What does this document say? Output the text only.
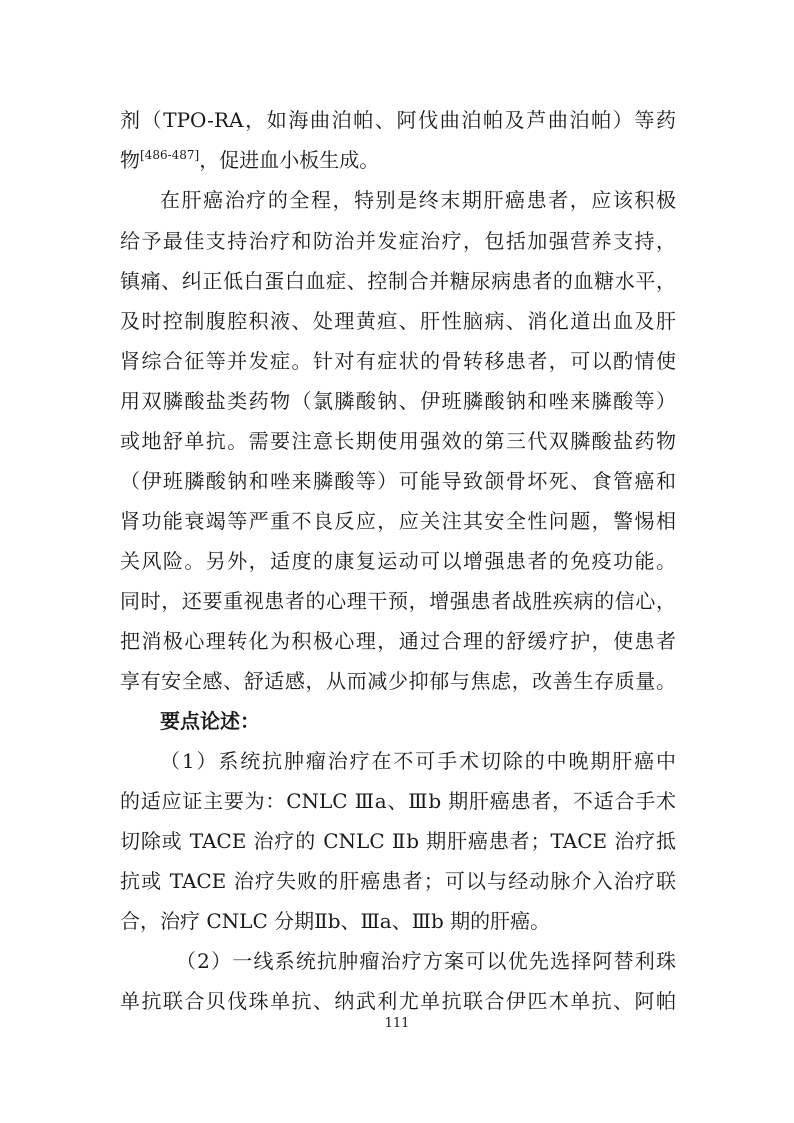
剂（TPO-RA，如海曲泊帕、阿伐曲泊帕及芦曲泊帕）等药
物[486-487]，促进血小板生成。
在肝癌治疗的全程，特别是终末期肝癌患者，应该积极
给予最佳支持治疗和防治并发症治疗，包括加强营养支持，
镇痛、纠正低白蛋白血症、控制合并糖尿病患者的血糖水平，
及时控制腹腔积液、处理黄疸、肝性脑病、消化道出血及肝
肾综合征等并发症。针对有症状的骨转移患者，可以酌情使
用双膦酸盐类药物（氯膦酸钠、伊班膦酸钠和唑来膦酸等）
或地舒单抗。需要注意长期使用强效的第三代双膦酸盐药物
（伊班膦酸钠和唑来膦酸等）可能导致颌骨坏死、食管癌和
肾功能衰竭等严重不良反应，应关注其安全性问题，警惕相
关风险。另外，适度的康复运动可以增强患者的免疫功能。
同时，还要重视患者的心理干预，增强患者战胜疾病的信心，
把消极心理转化为积极心理，通过合理的舒缓疗护，使患者
享有安全感、舒适感，从而减少抑郁与焦虑，改善生存质量。
要点论述：
（1）系统抗肿瘤治疗在不可手术切除的中晚期肝癌中
的适应证主要为：CNLC Ⅲa、Ⅲb 期肝癌患者，不适合手术
切除或 TACE 治疗的 CNLC Ⅱb 期肝癌患者；TACE 治疗抵
抗或 TACE 治疗失败的肝癌患者；可以与经动脉介入治疗联
合，治疗 CNLC 分期Ⅱb、Ⅲa、Ⅲb 期的肝癌。
（2）一线系统抗肿瘤治疗方案可以优先选择阿替利珠
单抗联合贝伐珠单抗、纳武利尤单抗联合伊匹木单抗、阿帕
111
